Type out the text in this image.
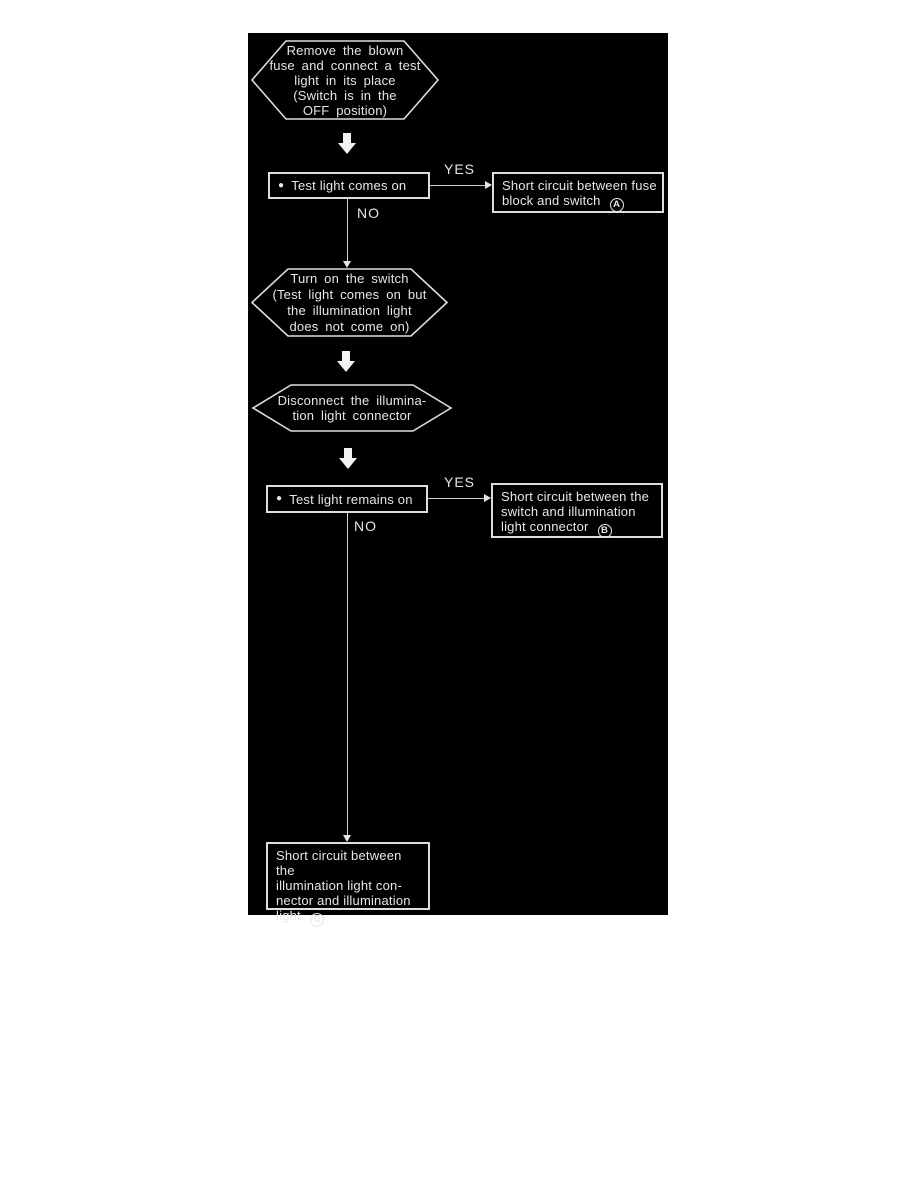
Remove the blown
fuse and connect a test
light in its place
(Switch is in the
OFF position)
● Test light comes on
YES
Short circuit between fuse
block and switch A
NO
Turn on the switch
(Test light comes on but
the illumination light
does not come on)
Disconnect the illumina-
tion light connector
● Test light remains on
YES
Short circuit between the
switch and illumination
light connector B
NO
Short circuit between the
illumination light con-
nector and illumination
light C
